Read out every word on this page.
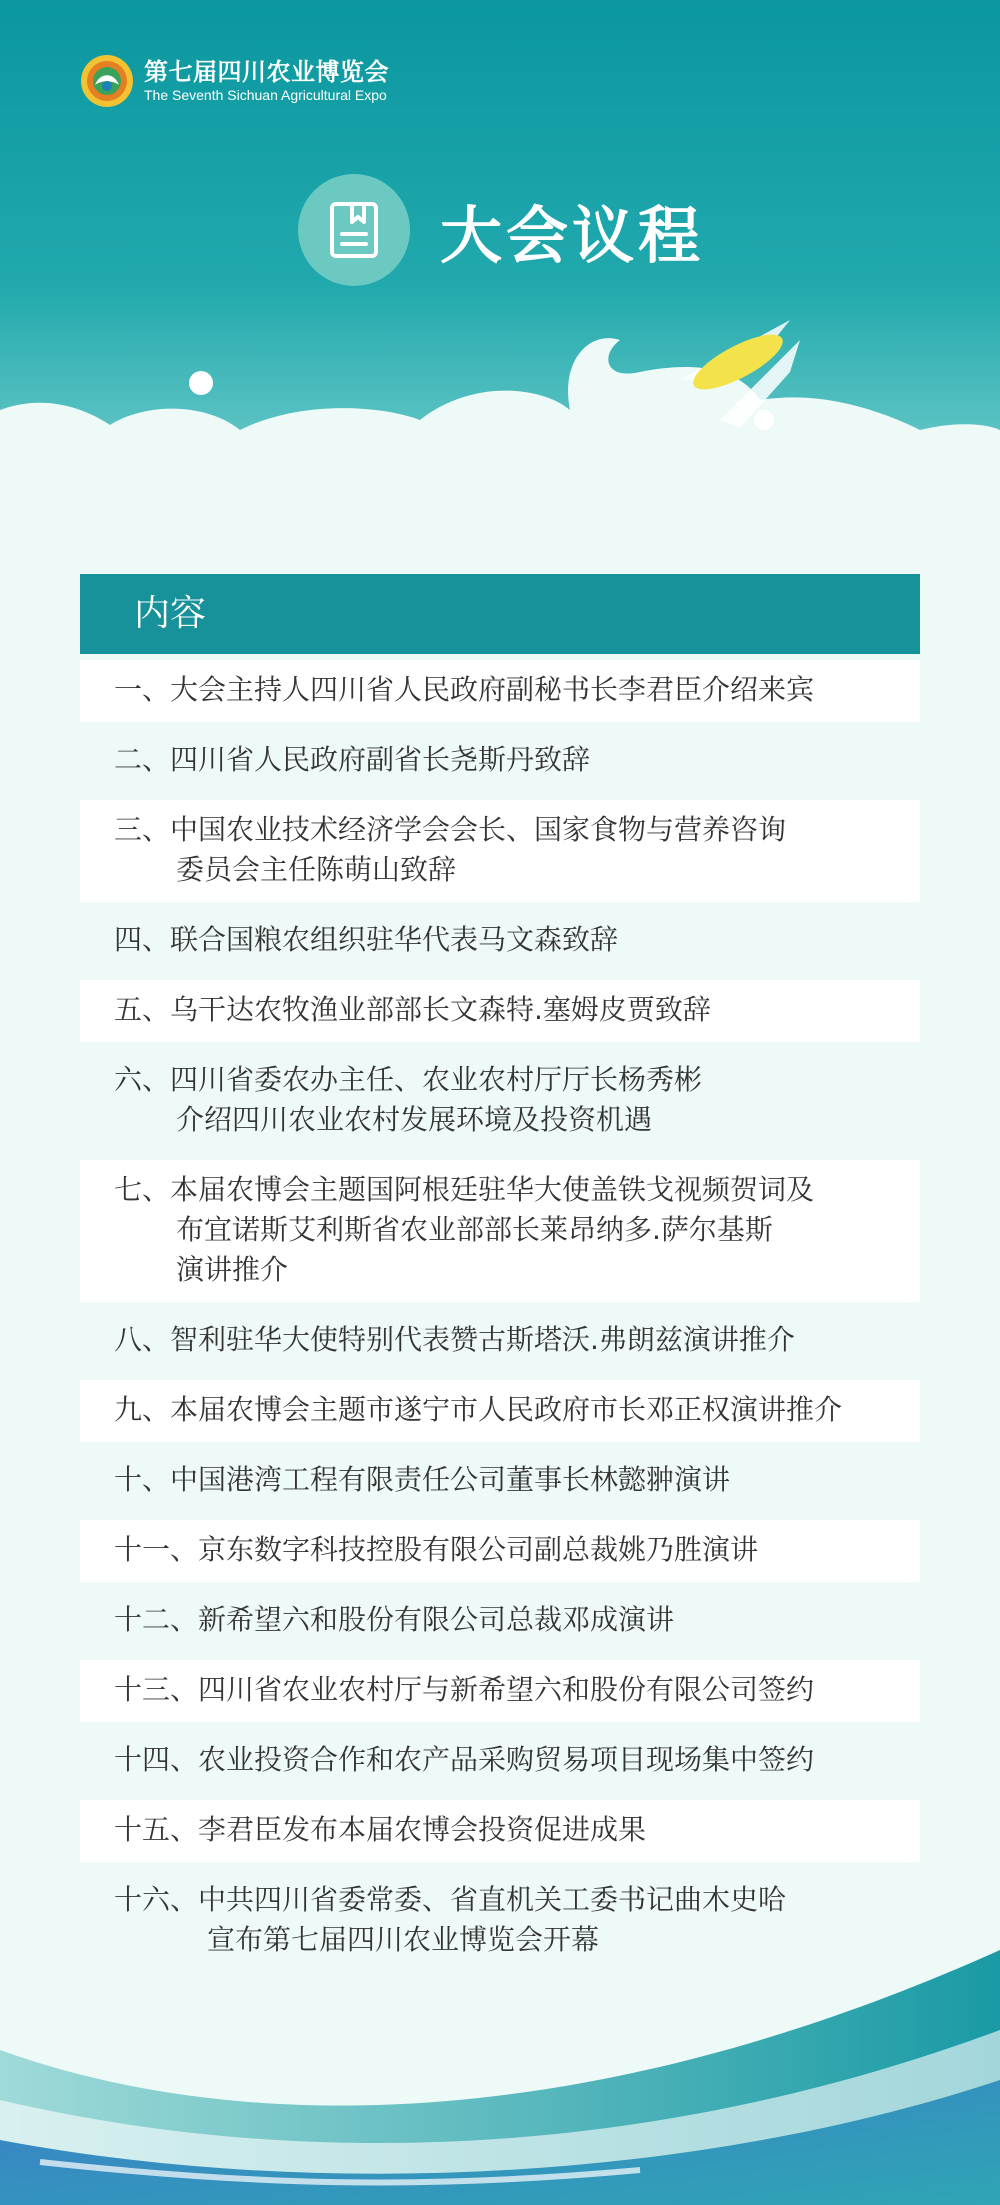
第七届四川农业博览会
The Seventh Sichuan Agricultural Expo
大会议程
内容
一、大会主持人四川省人民政府副秘书长李君臣介绍来宾
二、四川省人民政府副省长尧斯丹致辞
三、中国农业技术经济学会会长、国家食物与营养咨询
委员会主任陈萌山致辞
四、联合国粮农组织驻华代表马文森致辞
五、乌干达农牧渔业部部长文森特.塞姆皮贾致辞
六、四川省委农办主任、农业农村厅厅长杨秀彬
介绍四川农业农村发展环境及投资机遇
七、本届农博会主题国阿根廷驻华大使盖铁戈视频贺词及
布宜诺斯艾利斯省农业部部长莱昂纳多.萨尔基斯
演讲推介
八、智利驻华大使特别代表赞古斯塔沃.弗朗兹演讲推介
九、本届农博会主题市遂宁市人民政府市长邓正权演讲推介
十、中国港湾工程有限责任公司董事长林懿翀演讲
十一、京东数字科技控股有限公司副总裁姚乃胜演讲
十二、新希望六和股份有限公司总裁邓成演讲
十三、四川省农业农村厅与新希望六和股份有限公司签约
十四、农业投资合作和农产品采购贸易项目现场集中签约
十五、李君臣发布本届农博会投资促进成果
十六、中共四川省委常委、省直机关工委书记曲木史哈
宣布第七届四川农业博览会开幕
